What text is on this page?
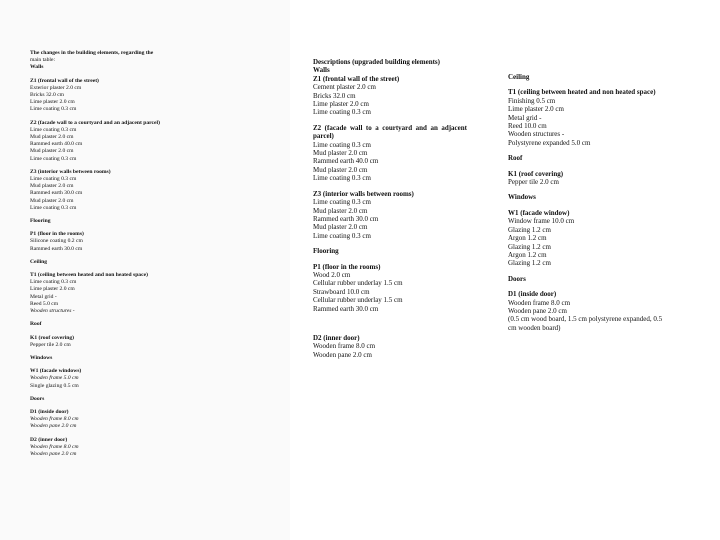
The changes in the building elements, regarding the
main table:
Walls
Z1 (frontal wall of the street)
Exterior plaster 2.0 cm
Bricks 32.0 cm
Lime plaster 2.0 cm
Lime coating 0.3 cm
Z2 (facade wall to a courtyard and an adjacent parcel)
Lime coating 0.3 cm
Mud plaster 2.0 cm
Rammed earth 40.0 cm
Mud plaster 2.0 cm
Lime coating 0.3 cm
Z3 (interior walls between rooms)
Lime coating 0.3 cm
Mud plaster 2.0 cm
Rammed earth 30.0 cm
Mud plaster 2.0 cm
Lime coating 0.3 cm
Flooring
P1 (floor in the rooms)
Silicone coating 0.2 cm
Rammed earth 30.0 cm
Ceiling
T1 (ceiling between heated and non heated space)
Lime coating 0.3 cm
Lime plaster 2.0 cm
Metal grid -
Reed 5.0 cm
Wooden structures -
Roof
K1 (roof covering)
Pepper tile 2.0 cm
Windows
W1 (facade windows)
Wooden frame 5.0 cm
Single glazing 0.5 cm
Doors
D1 (inside door)
Wooden frame 8.0 cm
Wooden pane 2.0 cm
D2 (inner door)
Wooden frame 8.0 cm
Wooden pane 2.0 cm
Descriptions (upgraded building elements)
Walls
Z1 (frontal wall of the street)
Cement plaster 2.0 cm
Bricks 32.0 cm
Lime plaster 2.0 cm
Lime coating 0.3 cm
Z2  (facade  wall  to  a  courtyard  and  an  adjacent
parcel)
Lime coating 0.3 cm
Mud plaster 2.0 cm
Rammed earth 40.0 cm
Mud plaster 2.0 cm
Lime coating 0.3 cm
Z3 (interior walls between rooms)
Lime coating 0.3 cm
Mud plaster 2.0 cm
Rammed earth 30.0 cm
Mud plaster 2.0 cm
Lime coating 0.3 cm
Flooring
P1 (floor in the rooms)
Wood 2.0 cm
Cellular rubber underlay 1.5 cm
Strawboard 10.0 cm
Cellular rubber underlay 1.5 cm
Rammed earth 30.0 cm
D2 (inner door)
Wooden frame 8.0 cm
Wooden pane 2.0 cm
Ceiling
T1 (ceiling between heated and non heated space)
Finishing 0.5 cm
Lime plaster 2.0 cm
Metal grid -
Reed 10.0 cm
Wooden structures -
Polystyrene expanded 5.0 cm
Roof
K1 (roof covering)
Pepper tile 2.0 cm
Windows
W1 (facade window)
Window frame 10.0 cm
Glazing 1.2 cm
Argon 1.2 cm
Glazing 1.2 cm
Argon 1.2 cm
Glazing 1.2 cm
Doors
D1 (inside door)
Wooden frame 8.0 cm
Wooden pane 2.0 cm
(0.5 cm wood board, 1.5 cm polystyrene expanded, 0.5
cm wooden board)
